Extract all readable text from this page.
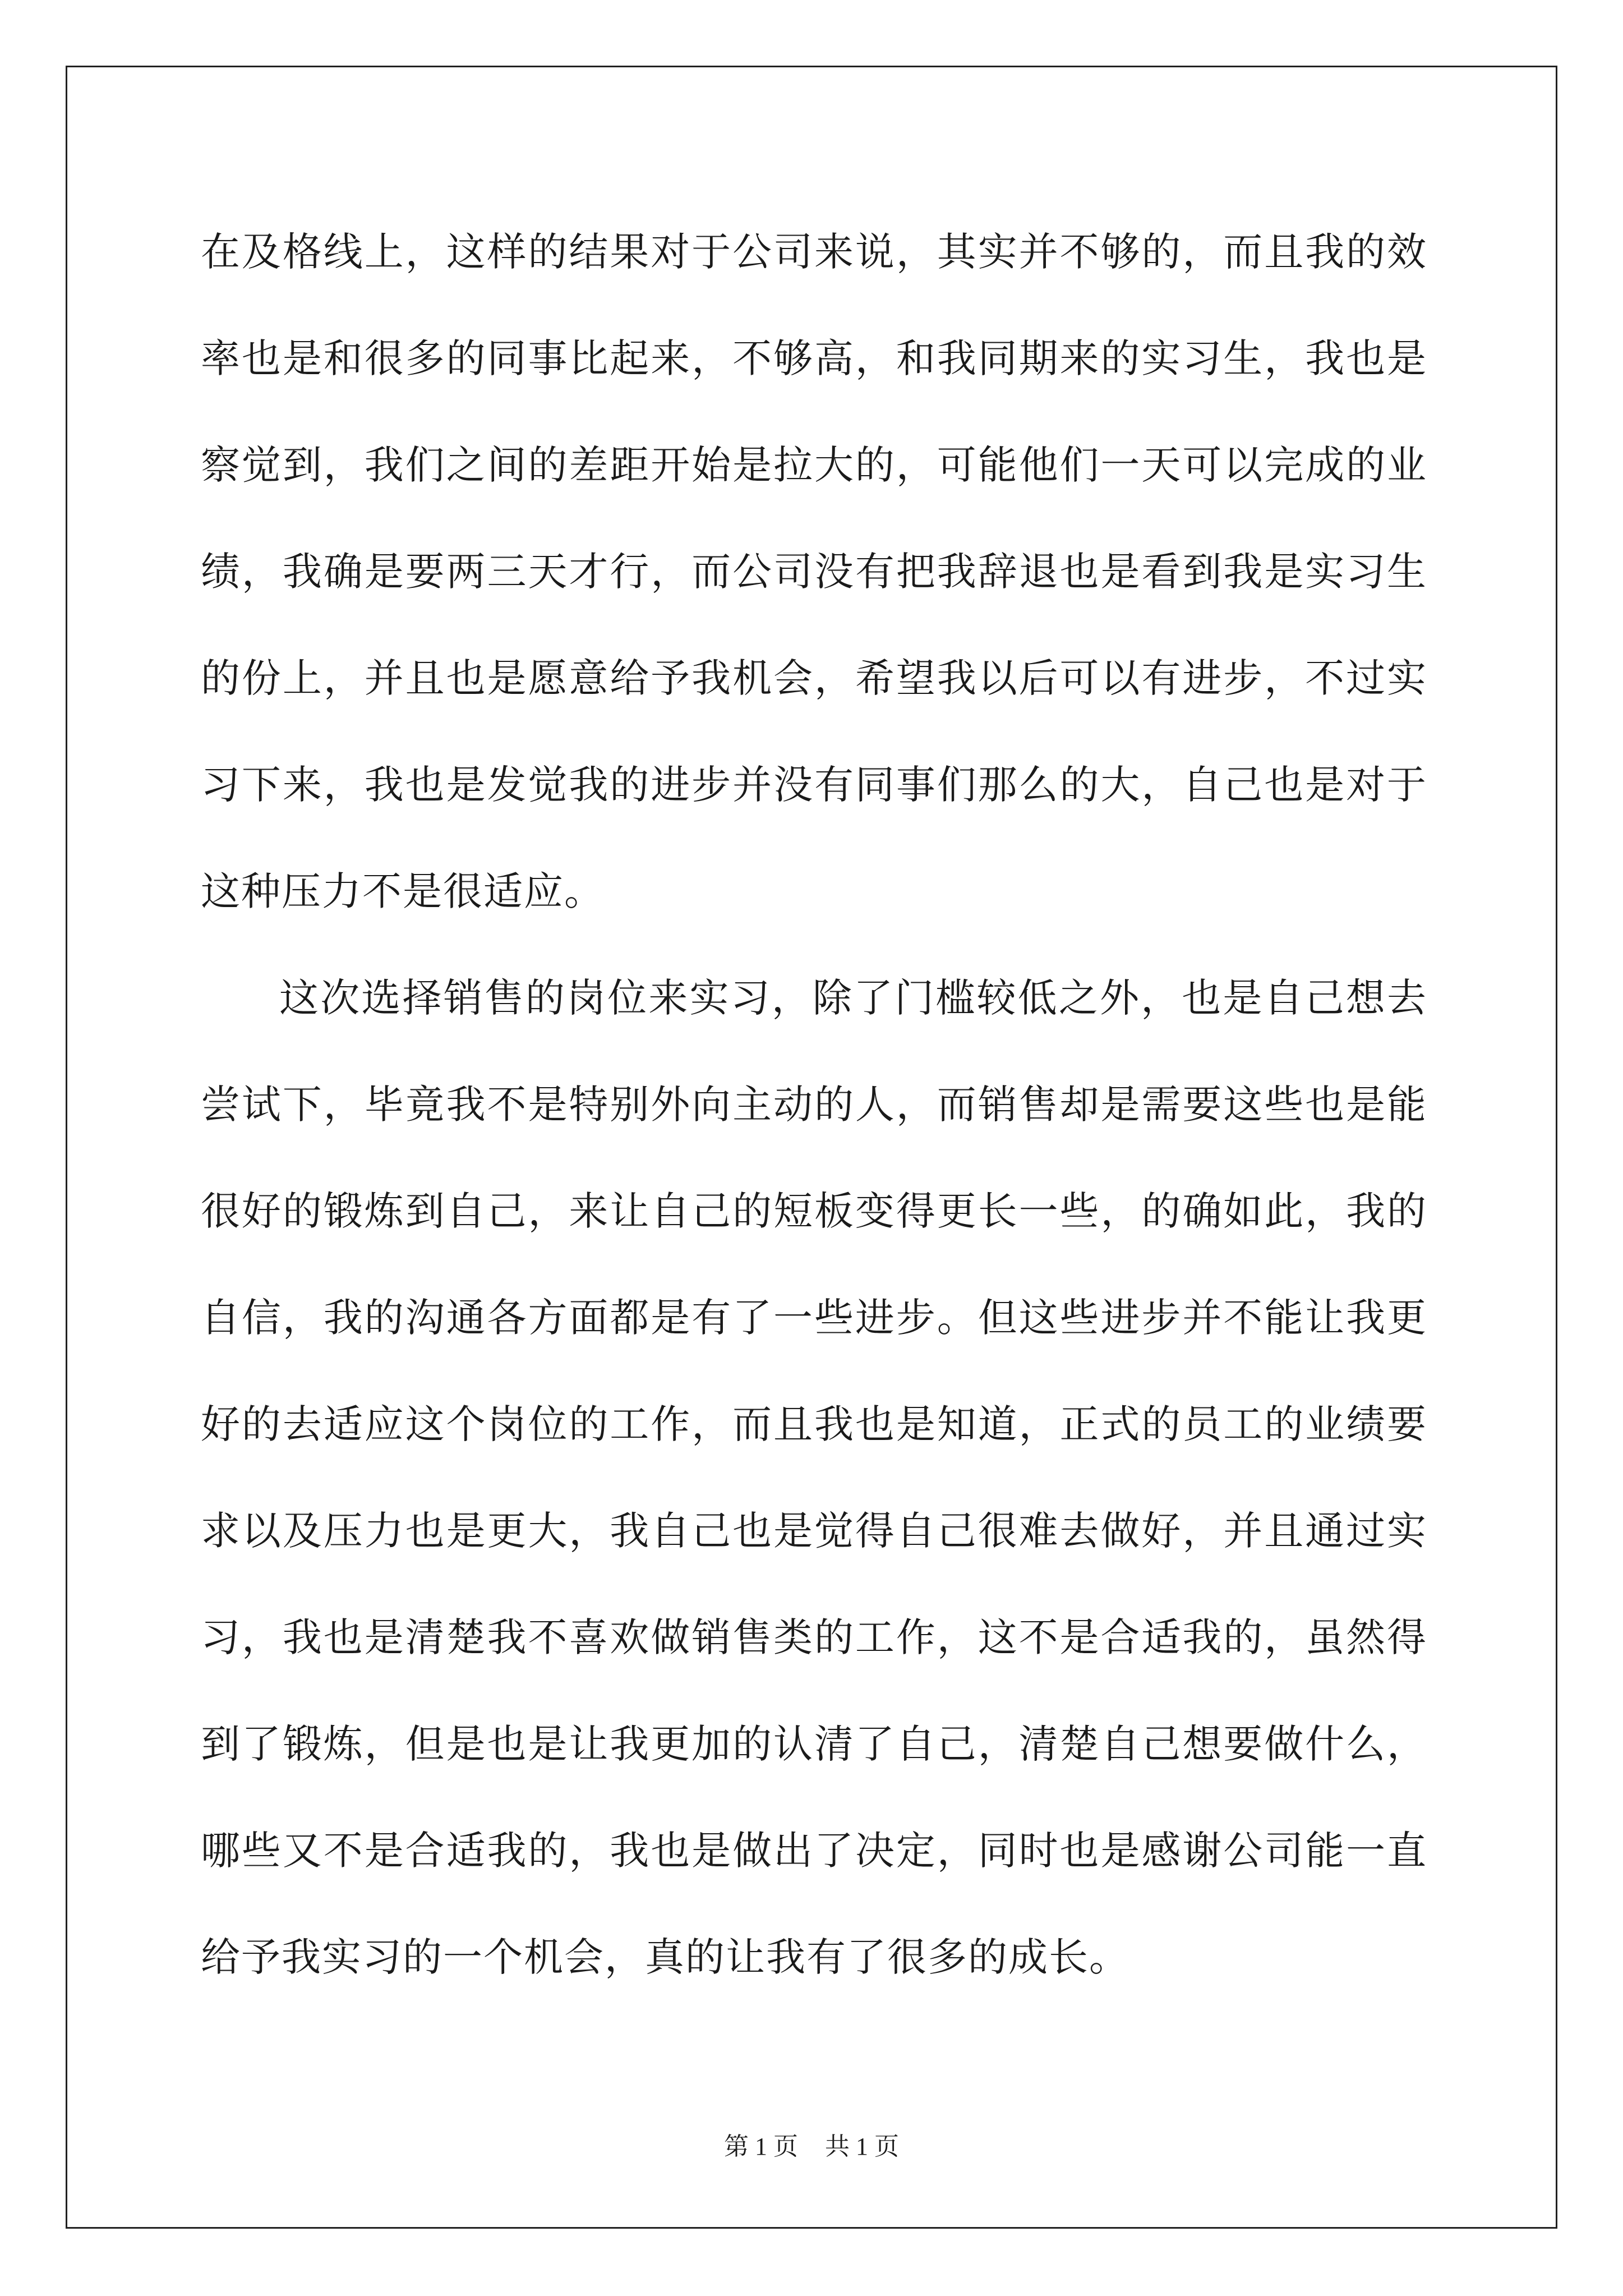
在及格线上，这样的结果对于公司来说，其实并不够的，而且我的效
率也是和很多的同事比起来，不够高，和我同期来的实习生，我也是
察觉到，我们之间的差距开始是拉大的，可能他们一天可以完成的业
绩，我确是要两三天才行，而公司没有把我辞退也是看到我是实习生
的份上，并且也是愿意给予我机会，希望我以后可以有进步，不过实
习下来，我也是发觉我的进步并没有同事们那么的大，自己也是对于
这种压力不是很适应。
这次选择销售的岗位来实习，除了门槛较低之外，也是自己想去
尝试下，毕竟我不是特别外向主动的人，而销售却是需要这些也是能
很好的锻炼到自己，来让自己的短板变得更长一些，的确如此，我的
自信，我的沟通各方面都是有了一些进步。但这些进步并不能让我更
好的去适应这个岗位的工作，而且我也是知道，正式的员工的业绩要
求以及压力也是更大，我自己也是觉得自己很难去做好，并且通过实
习，我也是清楚我不喜欢做销售类的工作，这不是合适我的，虽然得
到了锻炼，但是也是让我更加的认清了自己，清楚自己想要做什么，
哪些又不是合适我的，我也是做出了决定，同时也是感谢公司能一直
给予我实习的一个机会，真的让我有了很多的成长。
第 1 页 共 1 页
